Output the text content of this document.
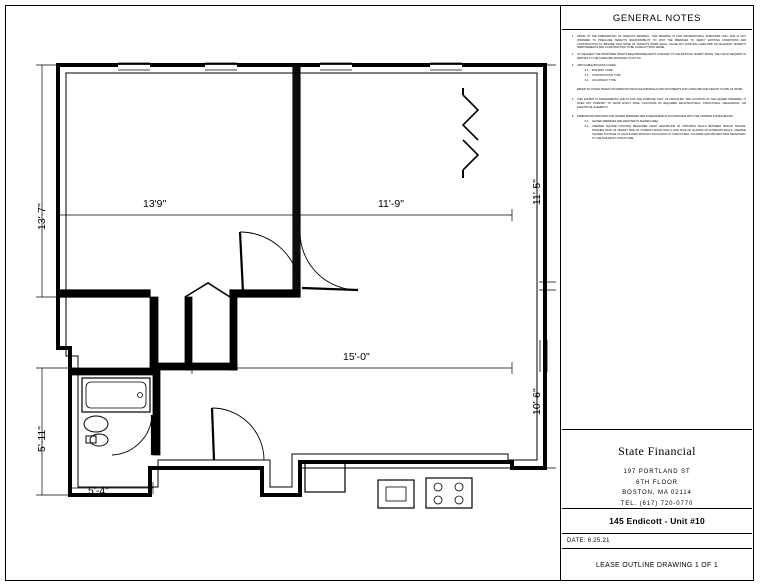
13'-7"	13'9"	11'-9"	11'-5"
15'-0"
10'-6"
5'-11"
5'-4"
GENERAL NOTES
1.	PRIOR TO THE PREPARATION OF TENANT'S DRAWING, THIS DRAWING IS FOR INFORMATIONAL PURPOSES ONLY AND IS NOT INTENDED TO PRECLUDE TENANT'S RESPONSIBILITY TO VISIT THE PREMISES TO VERIFY EXISTING CONDITIONS AND CONSTRUCTION TO ENSURE THAT NONE OF TENANT'S WORK SHALL CAUSE ANY EXISTING LANDLORD OR ADJACENT TENANT'S IMPROVEMENTS AND CONSTRUCTION TO BE CONFLICT WITH LEASE.
2.	IN THE EVENT THE PROPOSED TENANT REQUIRES/REQUESTS CHANGES TO THE EXISTING TENANT SPACE, THEY MUST REQUEST IN WRITING TO THE LANDLORD APPROVAL TO DO SO.
3.	APPLICABLE BUILDING CODES:
3.1.	BUILDING CODE:
3.2.	CONSTRUCTION TYPE:
3.3.	OCCUPANCY TYPE:
REFER TO OTHER TENANT INFORMATION PACKAGE MATERIALS AND DOCUMENTS FOR LANDLORD AND TENANT SCOPE OF WORK.
4.	THIS EXHIBIT IS DIAGRAMMATIC AND IS FOR THE PURPOSE ONLY OF INDICATING THE LOCATION OF THE LEASED PREMISES. IT DOES NOT PURPORT TO SHOW EXACT FINAL LOCATIONS OF REQUIRED ARCHITECTURAL, STRUCTURAL, MECHANICAL, OR ELECTRICAL ELEMENTS.
5.	DIMENSIONS INDICATED FOR LEASED PREMISES ARE IN MEASURED IN ACCORDANCE WITH THE CRITERIA STATED BELOW:
5.1.	LEASED PREMISES ARE DENOTED IN SHADED AREA
5.2.	USEABLE SQUARE FOOTAGE MEASURED FROM CENTERLINE OF OPPOSING WALLS BETWEEN TENANT SPACES; FINISHED FACE OF TENANT SIDE OF COMMON SPACE WALLS; AND FACE OF GLAZING ON EXTERIOR WALLS. USEABLE SQUARE FOOTAGE IS CALCULATED WITHOUT EXCLUSION OF STRUCTURAL COLUMNS AND PROJECTIONS NECESSARY TO THE BUILDING'S STRUCTURE.
State Financial
197 PORTLAND ST
6TH FLOOR
BOSTON, MA 02114
TEL. (617) 720-0770
145 Endicott - Unit #10
DATE: 6.25.21
LEASE OUTLINE DRAWING 1 OF 1
